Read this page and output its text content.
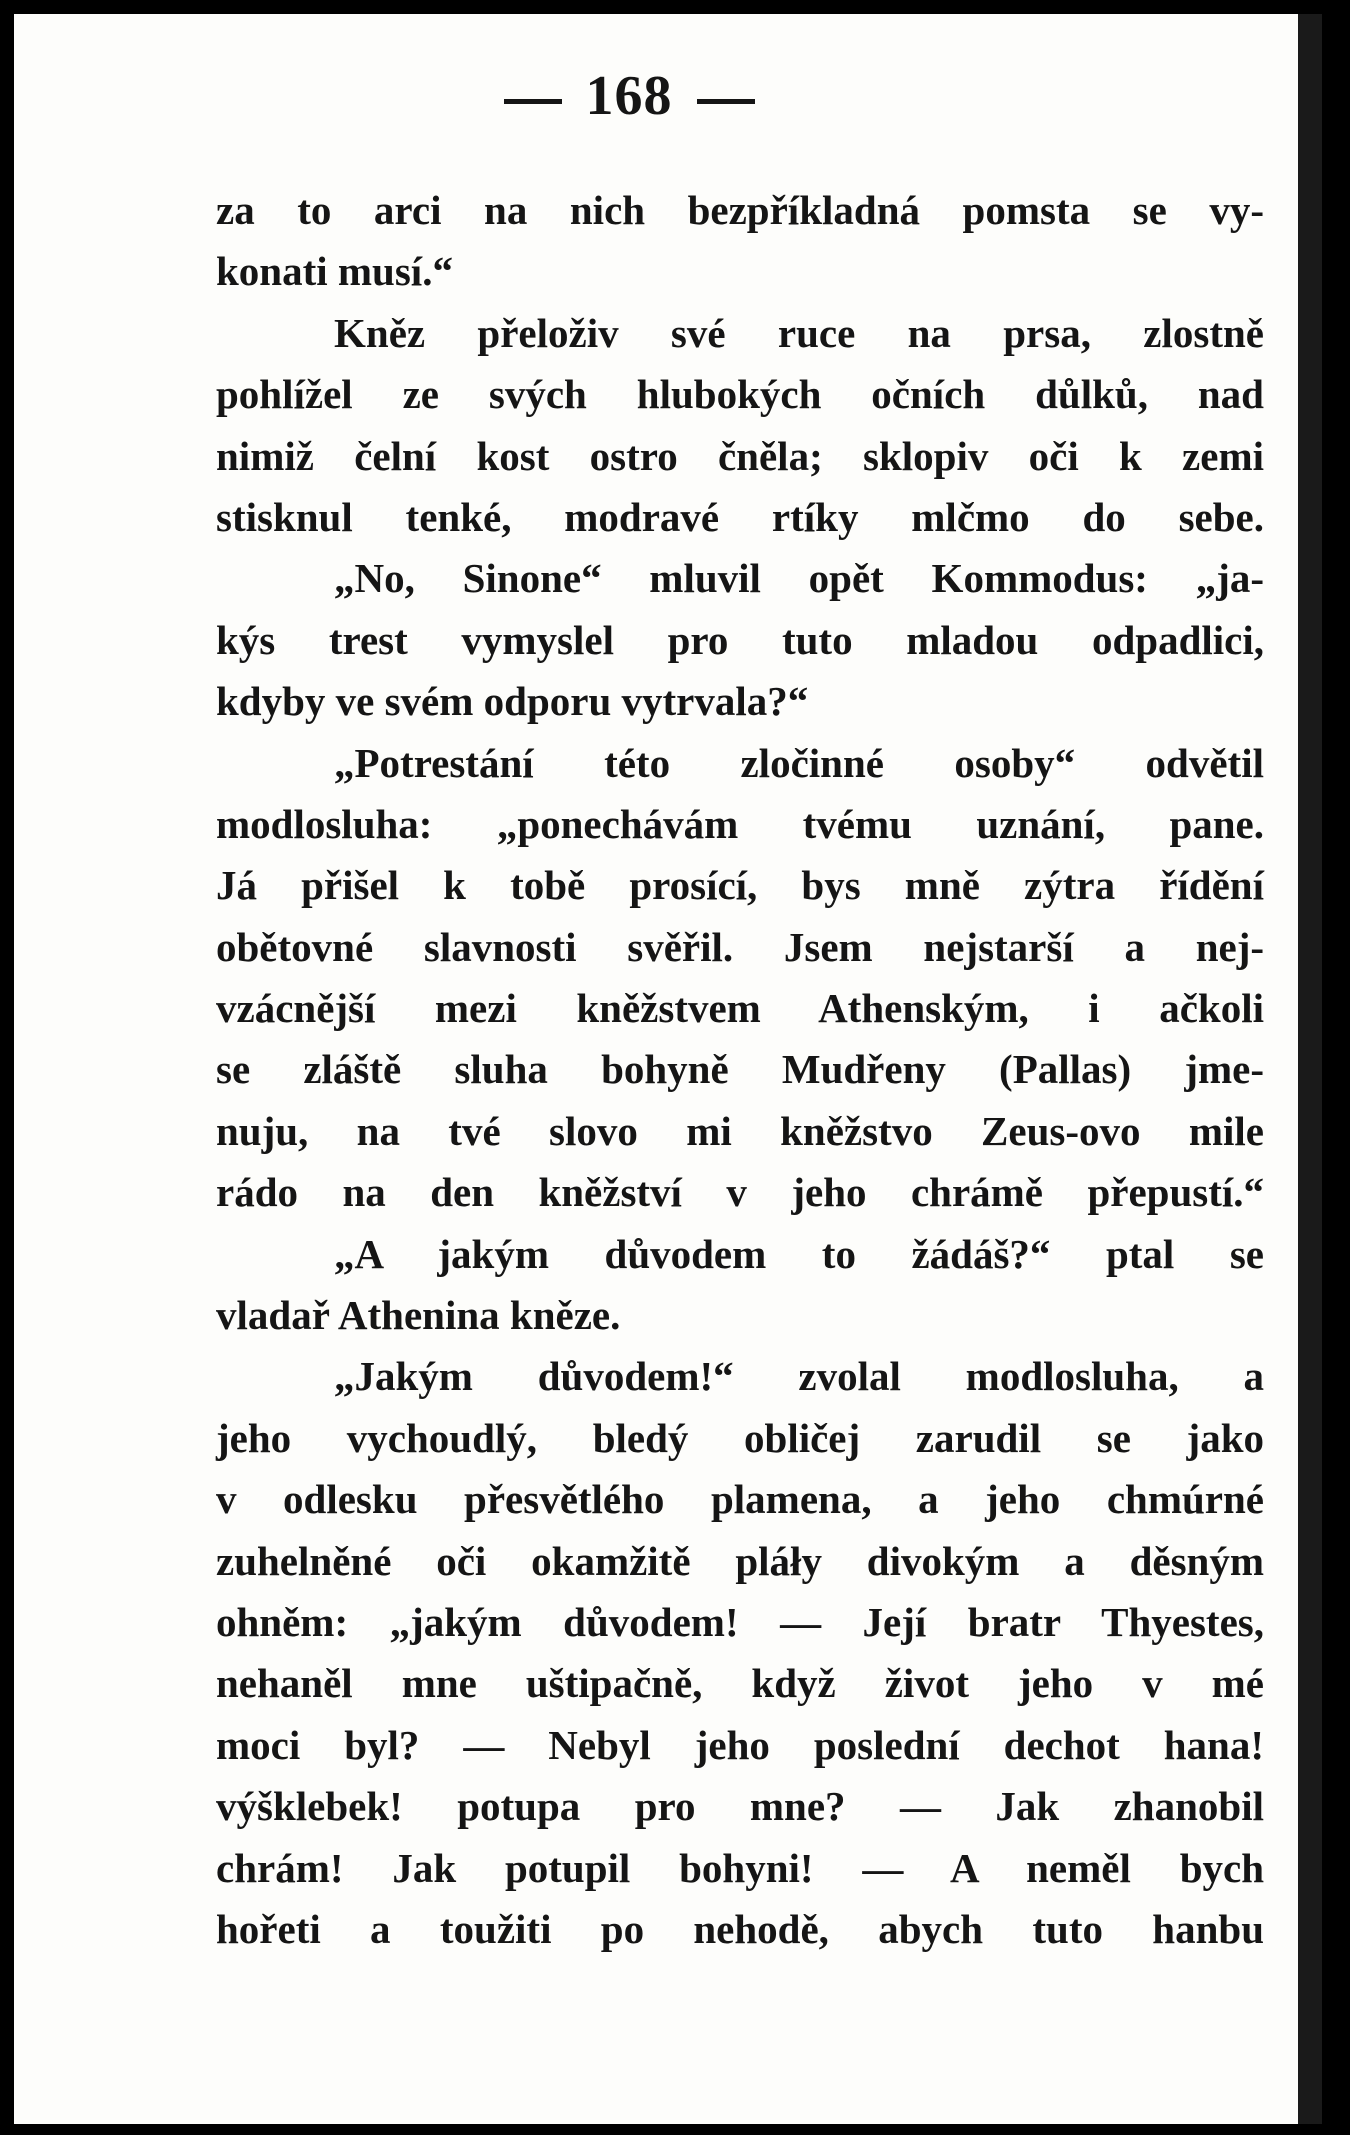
168
za to arci na nich bezpříkladná pomsta se vy-
konati musí.“
Kněz přeloživ své ruce na prsa, zlostně
pohlížel ze svých hlubokých očních důlků, nad
nimiž čelní kost ostro čněla; sklopiv oči k zemi
stisknul tenké, modravé rtíky mlčmo do sebe.
„No, Sinone“ mluvil opět Kommodus: „ja-
kýs trest vymyslel pro tuto mladou odpadlici,
kdyby ve svém odporu vytrvala?“
„Potrestání této zločinné osoby“ odvětil
modlosluha: „ponechávám tvému uznání, pane.
Já přišel k tobě prosící, bys mně zýtra řídění
obětovné slavnosti svěřil. Jsem nejstarší a nej-
vzácnější mezi kněžstvem Athenským, i ačkoli
se zláště sluha bohyně Mudřeny (Pallas) jme-
nuju, na tvé slovo mi kněžstvo Zeus-ovo mile
rádo na den kněžství v jeho chrámě přepustí.“
„A jakým důvodem to žádáš?“ ptal se
vladař Athenina kněze.
„Jakým důvodem!“ zvolal modlosluha, a
jeho vychoudlý, bledý obličej zarudil se jako
v odlesku přesvětlého plamena, a jeho chmúrné
zuhelněné oči okamžitě pláły divokým a děsným
ohněm: „jakým důvodem! — Její bratr Thyestes,
nehaněl mne uštipačně, když život jeho v mé
moci byl? — Nebyl jeho poslední dechot hana!
výšklebek! potupa pro mne? — Jak zhanobil
chrám! Jak potupil bohyni! — A neměl bych
hořeti a toužiti po nehodě, abych tuto hanbu
